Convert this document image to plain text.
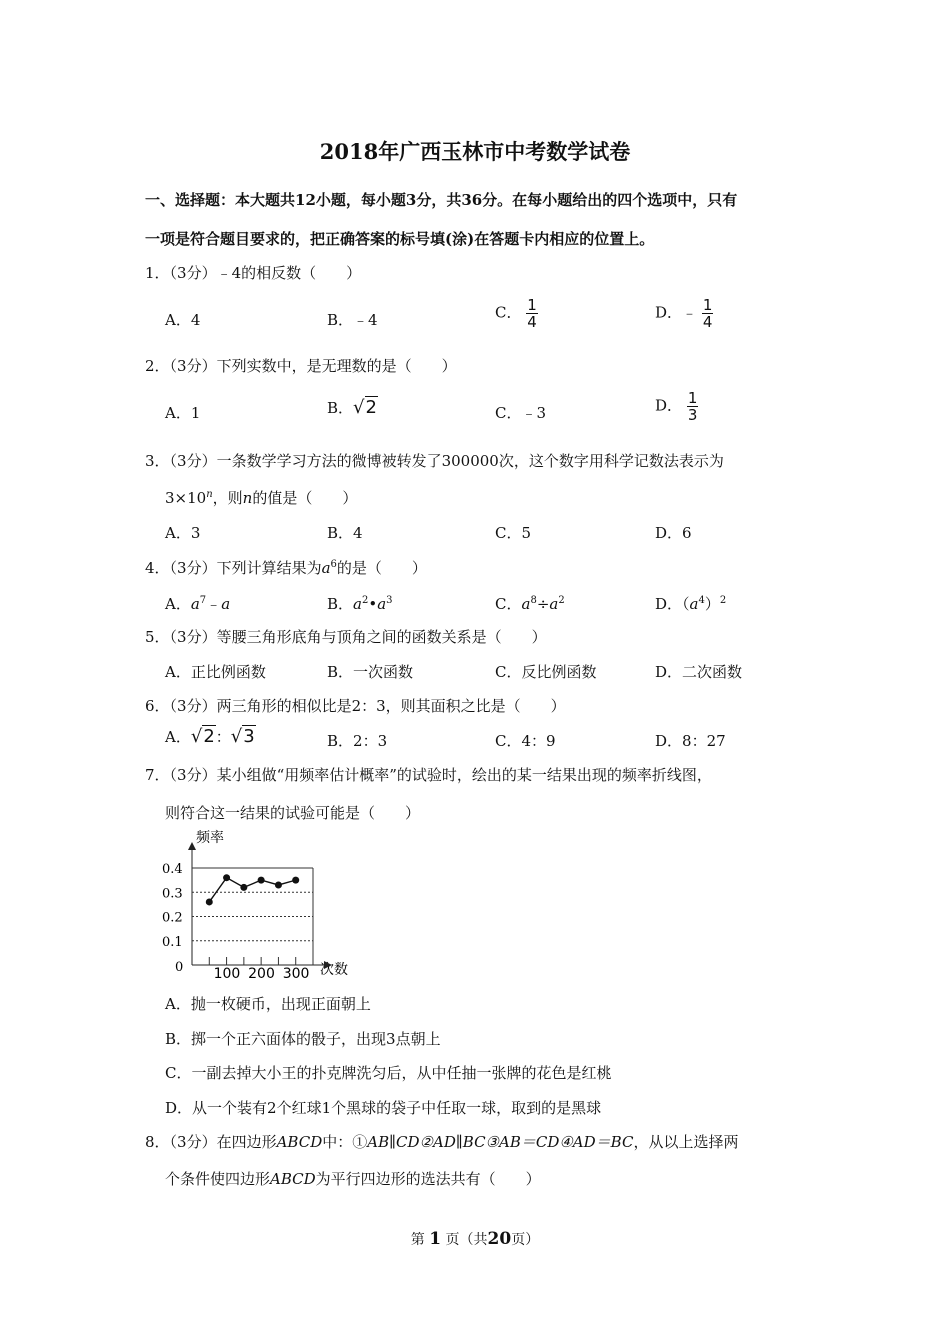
2018年广西玉林市中考数学试卷
一、选择题：本大题共12小题，每小题3分，共36分。在每小题给出的四个选项中，只有
一项是符合题目要求的，把正确答案的标号填(涂)在答题卡内相应的位置上。
1．（3分）﹣4的相反数（　　）
A．4	B．﹣4	C． $\frac{1}{4}$	D．﹣ $\frac{1}{4}$
2．（3分）下列实数中，是无理数的是（　　）
A．1	B．√2	C．﹣3	D． $\frac{1}{3}$
3．（3分）一条数学学习方法的微博被转发了300000次，这个数字用科学记数法表示为
$3\times 10^n$，则n的值是（　　）
A．3	B．4	C．5	D．6
4．（3分）下列计算结果为$a^6$的是（　　）
A．$a^7﹣a$	B．$a^2•a^3$	C．$a^8\div a^2$	D．$(a^4)^2$
5．（3分）等腰三角形底角与顶角之间的函数关系是（　　）
A．正比例函数	B．一次函数	C．反比例函数	D．二次函数
6．（3分）两三角形的相似比是2：3，则其面积之比是（　　）
A．√2：√3	B．2：3	C．4：9	D．8：27
7．（3分）某小组做“用频率估计概率”的试验时，绘出的某一结果出现的频率折线图，
则符合这一结果的试验可能是（　　）
频率
次数
0.4
0.3
0.2
0.1
0 100 200 300
A．抛一枚硬币，出现正面朝上
B．掷一个正六面体的骰子，出现3点朝上
C．一副去掉大小王的扑克牌洗匀后，从中任抽一张牌的花色是红桃
D．从一个装有2个红球1个黑球的袋子中任取一球，取到的是黑球
8．（3分）在四边形ABCD中：①AB∥CD②AD∥BC③AB＝CD④AD＝BC，从以上选择两
个条件使四边形ABCD为平行四边形的选法共有（　　）
第 1 页（共20页）
